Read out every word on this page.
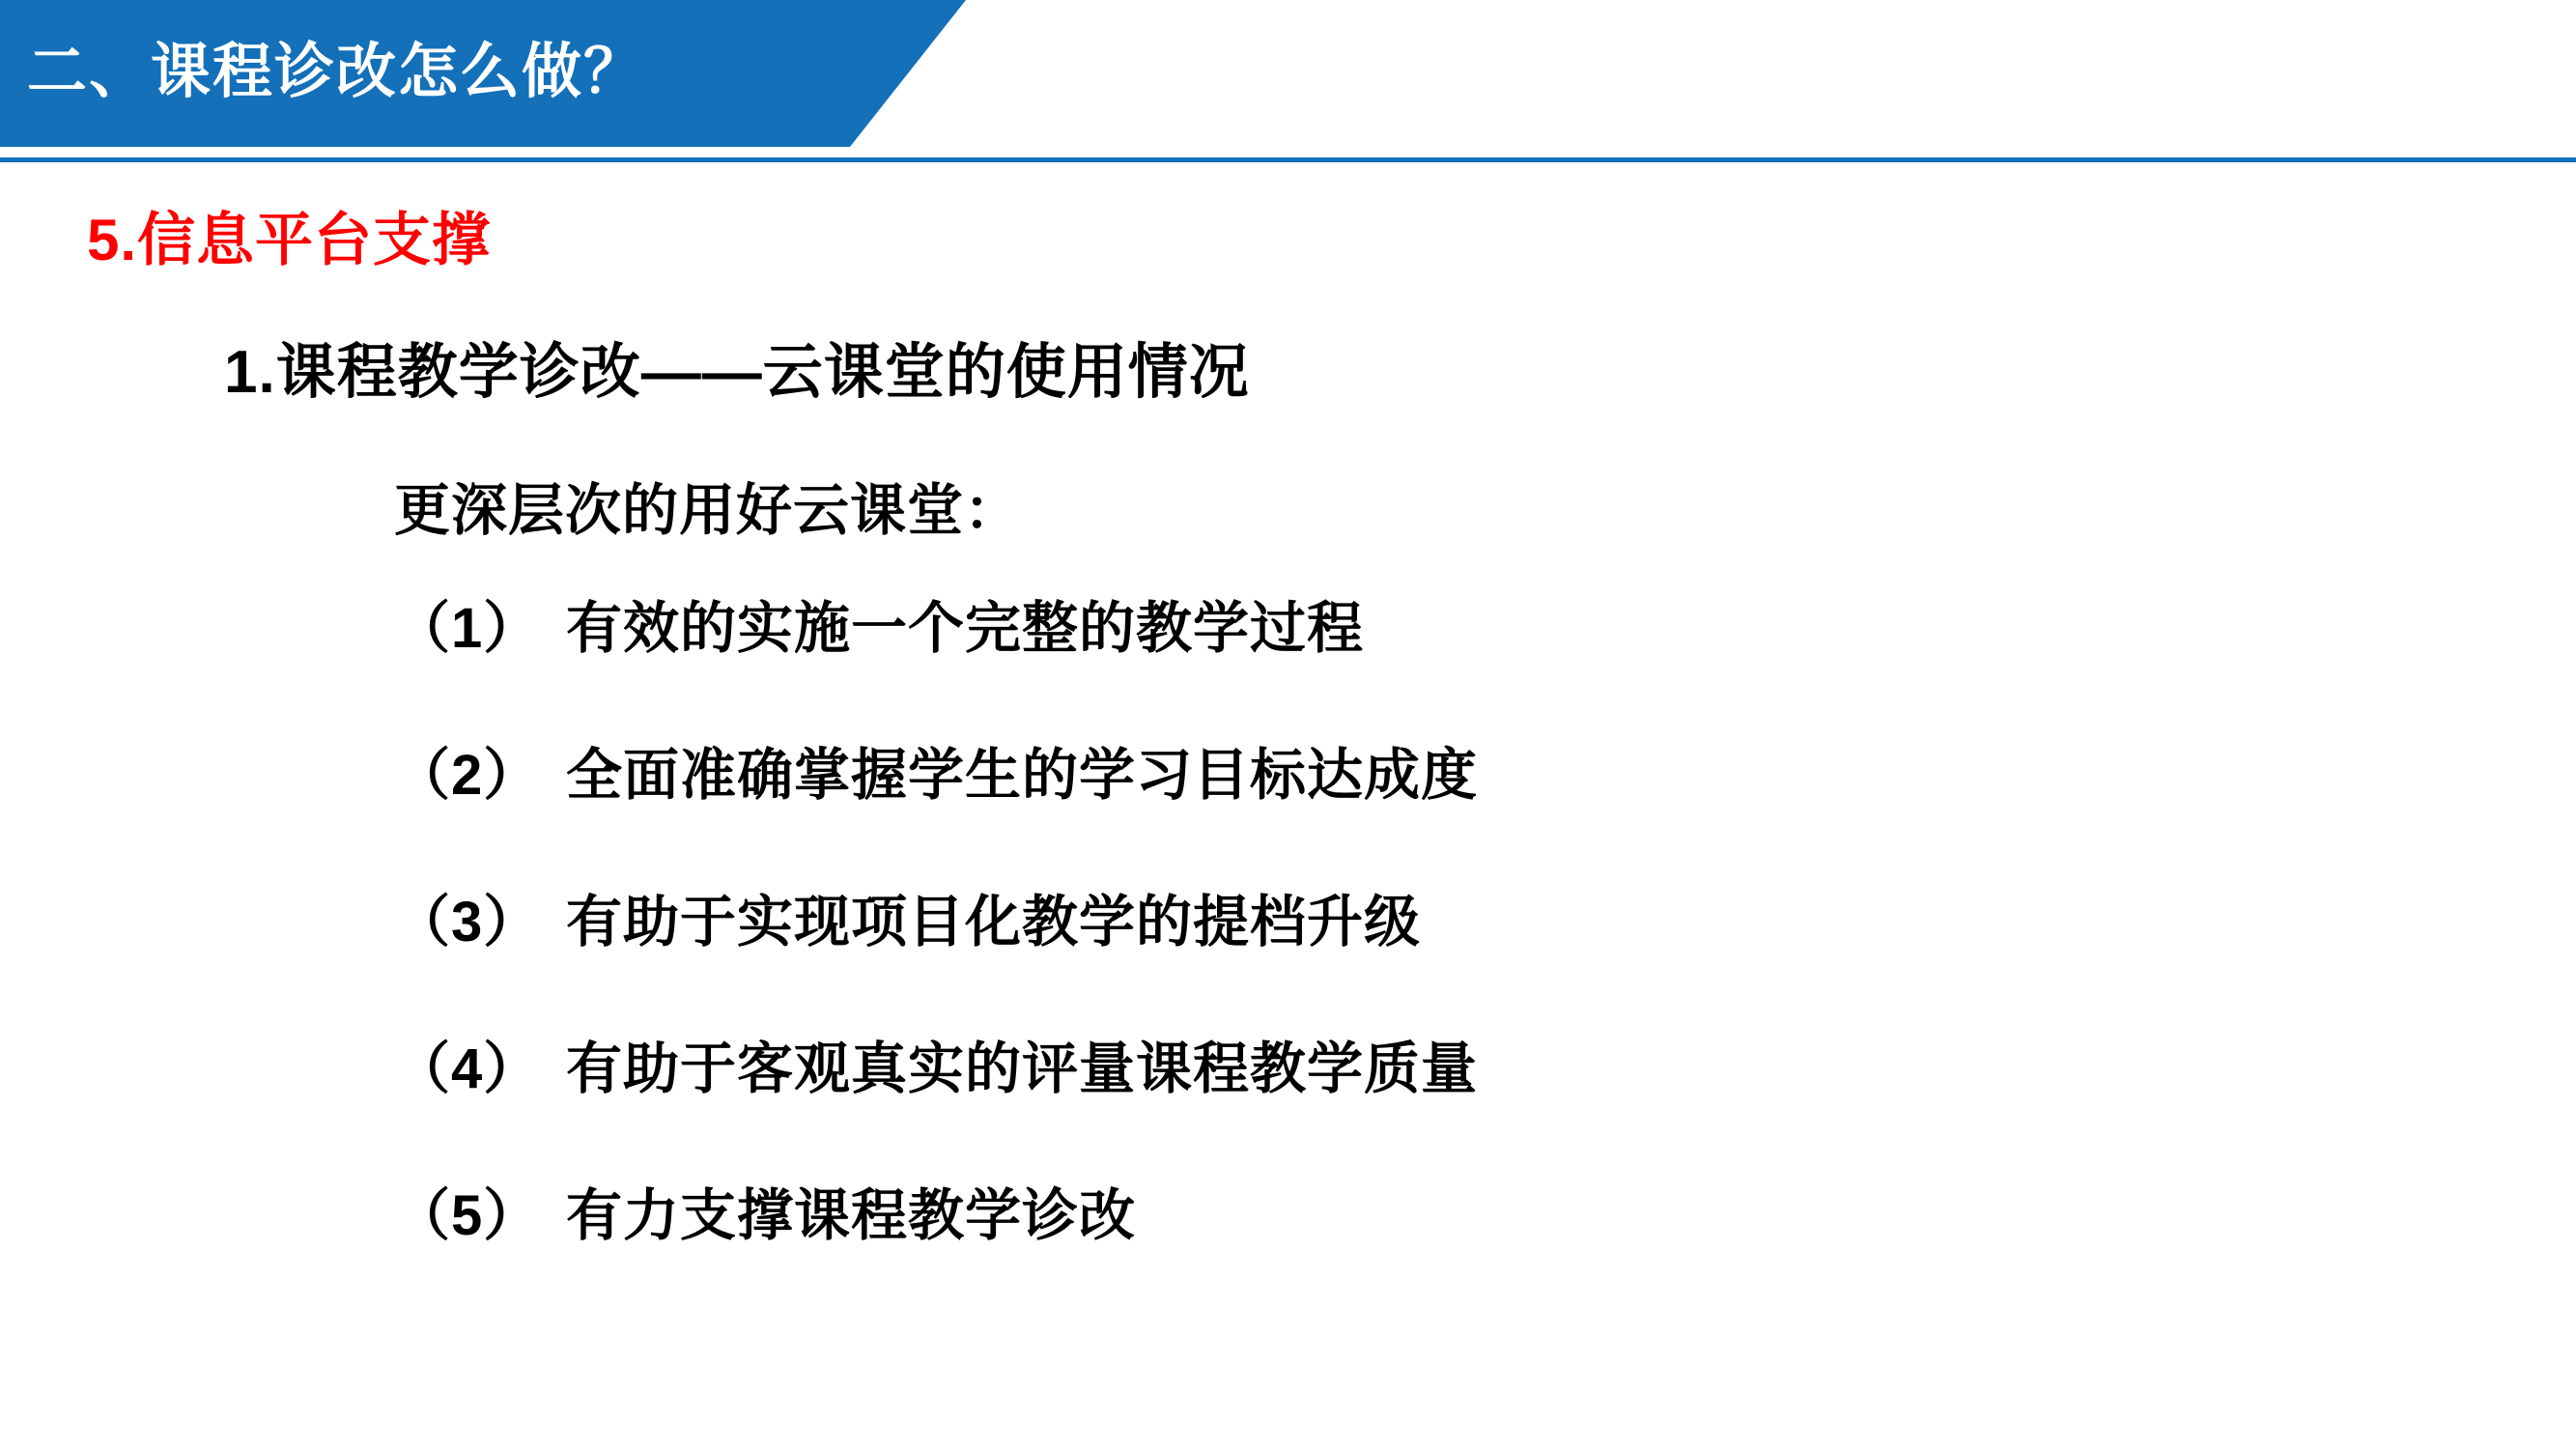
二、课程诊改怎么做？
5.信息平台支撑
1.课程教学诊改——云课堂的使用情况
更深层次的用好云课堂：
（1） 有效的实施一个完整的教学过程
（2） 全面准确掌握学生的学习目标达成度
（3） 有助于实现项目化教学的提档升级
（4） 有助于客观真实的评量课程教学质量
（5） 有力支撑课程教学诊改
